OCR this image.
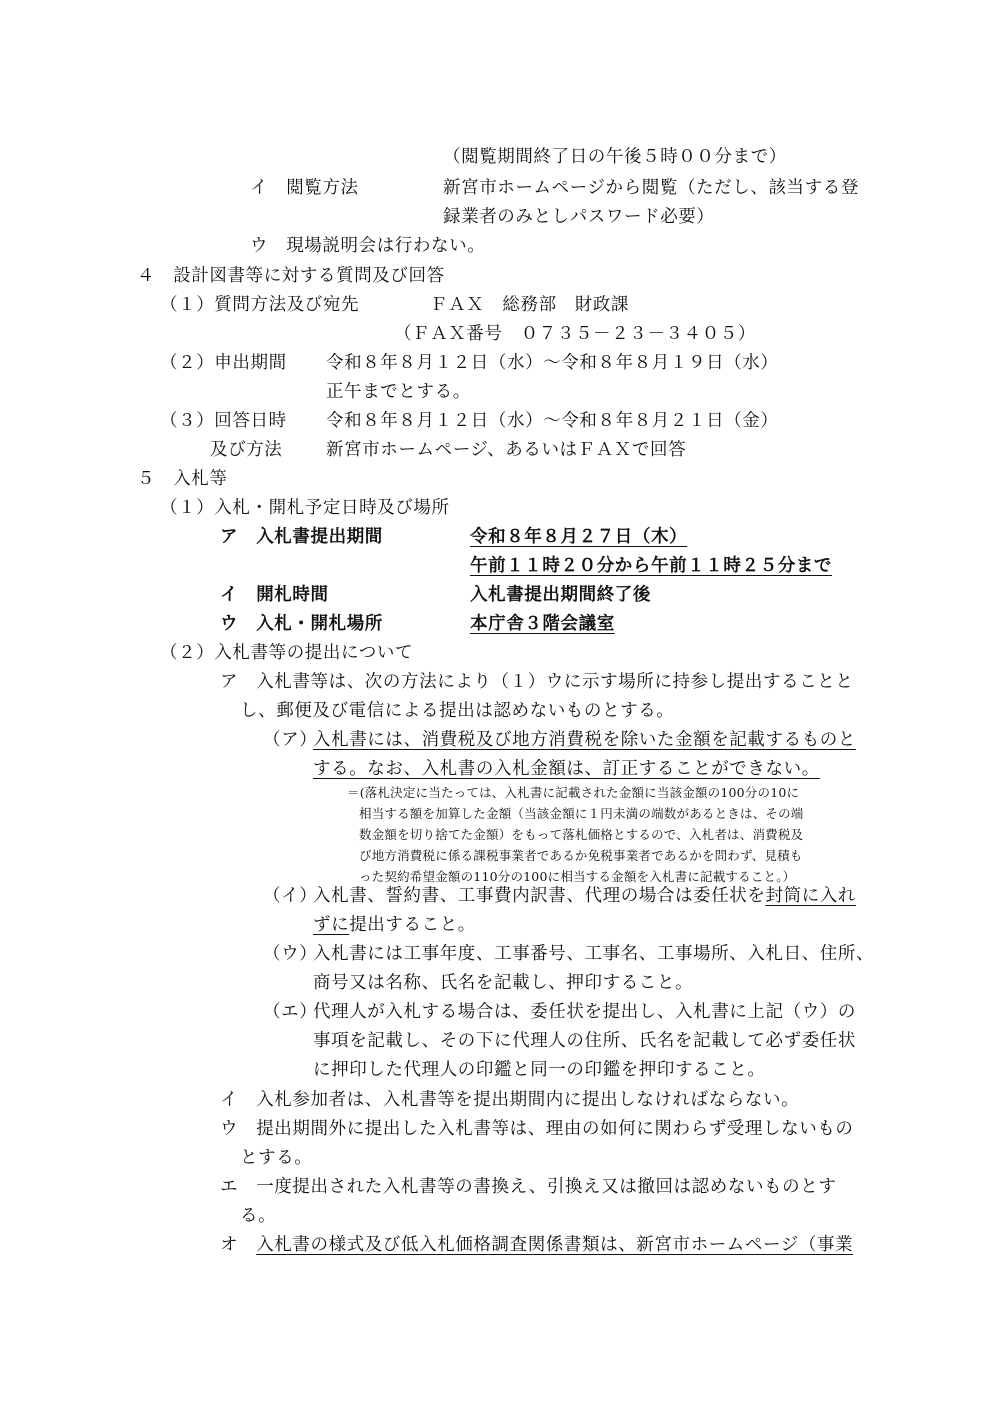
（閲覧期間終了日の午後５時００分まで）
イ　閲覧方法	新宮市ホームページから閲覧（ただし、該当する登
録業者のみとしパスワード必要）
ウ　現場説明会は行わない。
４　設計図書等に対する質問及び回答
（１）質問方法及び宛先	ＦＡＸ　総務部　財政課
（ＦＡＸ番号　０７３５－２３－３４０５）
（２）申出期間 令和８年８月１２日（水）～令和８年８月１９日（水）
正午までとする。
（３）回答日時 令和８年８月１２日（水）～令和８年８月２１日（金）
及び方法 新宮市ホームページ、あるいはＦＡＸで回答
５　入札等
（１）入札・開札予定日時及び場所
ア　入札書提出期間	令和８年８月２７日（木）
午前１１時２０分から午前１１時２５分まで
イ　開札時間	入札書提出期間終了後
ウ　入札・開札場所	本庁舎３階会議室
（２）入札書等の提出について
ア　入札書等は、次の方法により（１）ウに示す場所に持参し提出することと
し、郵便及び電信による提出は認めないものとする。
（ア）
入札書には、消費税及び地方消費税を除いた金額を記載するものと
する。なお、入札書の入札金額は、訂正することができない。
＝(落札決定に当たっては、入札書に記載された金額に当該金額の100分の10に
相当する額を加算した金額（当該金額に１円未満の端数があるときは、その端
数金額を切り捨てた金額）をもって落札価格とするので、入札者は、消費税及
び地方消費税に係る課税事業者であるか免税事業者であるかを問わず、見積も
った契約希望金額の110分の100に相当する金額を入札書に記載すること。）
（イ）
入札書、誓約書、工事費内訳書、代理の場合は委任状を封筒に入れ
ずに提出すること。
（ウ）
入札書には工事年度、工事番号、工事名、工事場所、入札日、住所、
商号又は名称、氏名を記載し、押印すること。
（エ）
代理人が入札する場合は、委任状を提出し、入札書に上記（ウ）の
事項を記載し、その下に代理人の住所、氏名を記載して必ず委任状
に押印した代理人の印鑑と同一の印鑑を押印すること。
イ　入札参加者は、入札書等を提出期間内に提出しなければならない。
ウ　提出期間外に提出した入札書等は、理由の如何に関わらず受理しないもの
とする。
エ　一度提出された入札書等の書換え、引換え又は撤回は認めないものとす
る。
オ　入札書の様式及び低入札価格調査関係書類は、新宮市ホームページ（事業
